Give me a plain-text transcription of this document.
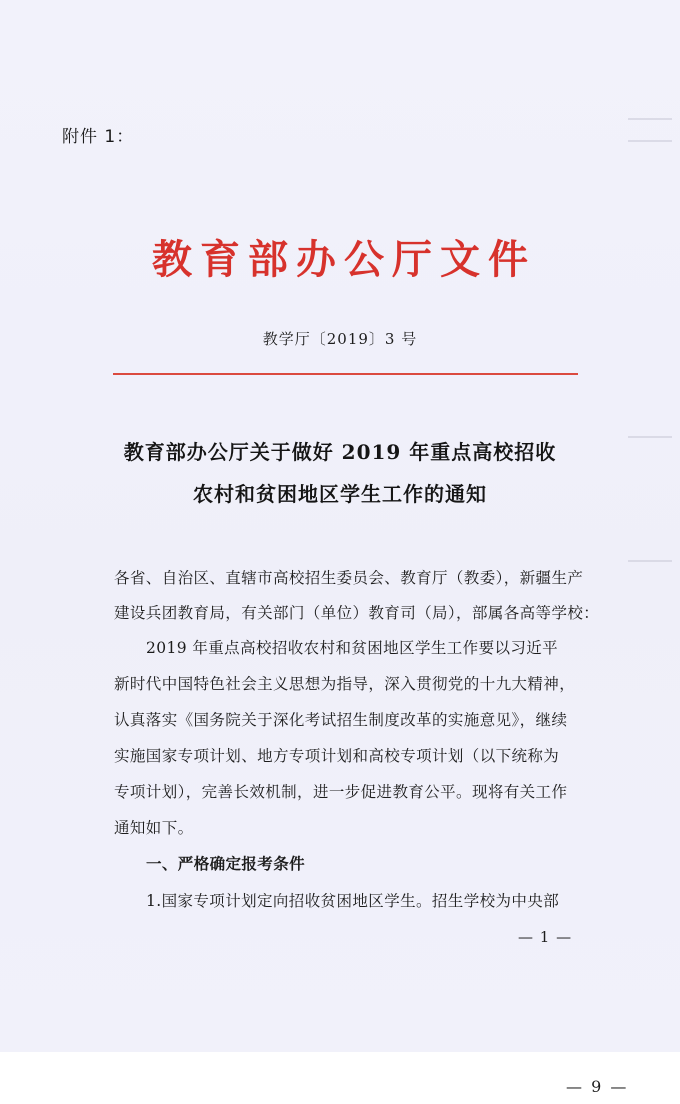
附件 1：
教育部办公厅文件
教学厅〔2019〕3 号
教育部办公厅关于做好 2019 年重点高校招收
农村和贫困地区学生工作的通知
各省、自治区、直辖市高校招生委员会、教育厅（教委），新疆生产
建设兵团教育局，有关部门（单位）教育司（局），部属各高等学校：
2019 年重点高校招收农村和贫困地区学生工作要以习近平
新时代中国特色社会主义思想为指导，深入贯彻党的十九大精神，
认真落实《国务院关于深化考试招生制度改革的实施意见》，继续
实施国家专项计划、地方专项计划和高校专项计划（以下统称为
专项计划），完善长效机制，进一步促进教育公平。现将有关工作
通知如下。
一、严格确定报考条件
1.国家专项计划定向招收贫困地区学生。招生学校为中央部
— 1 —
— 9 —
